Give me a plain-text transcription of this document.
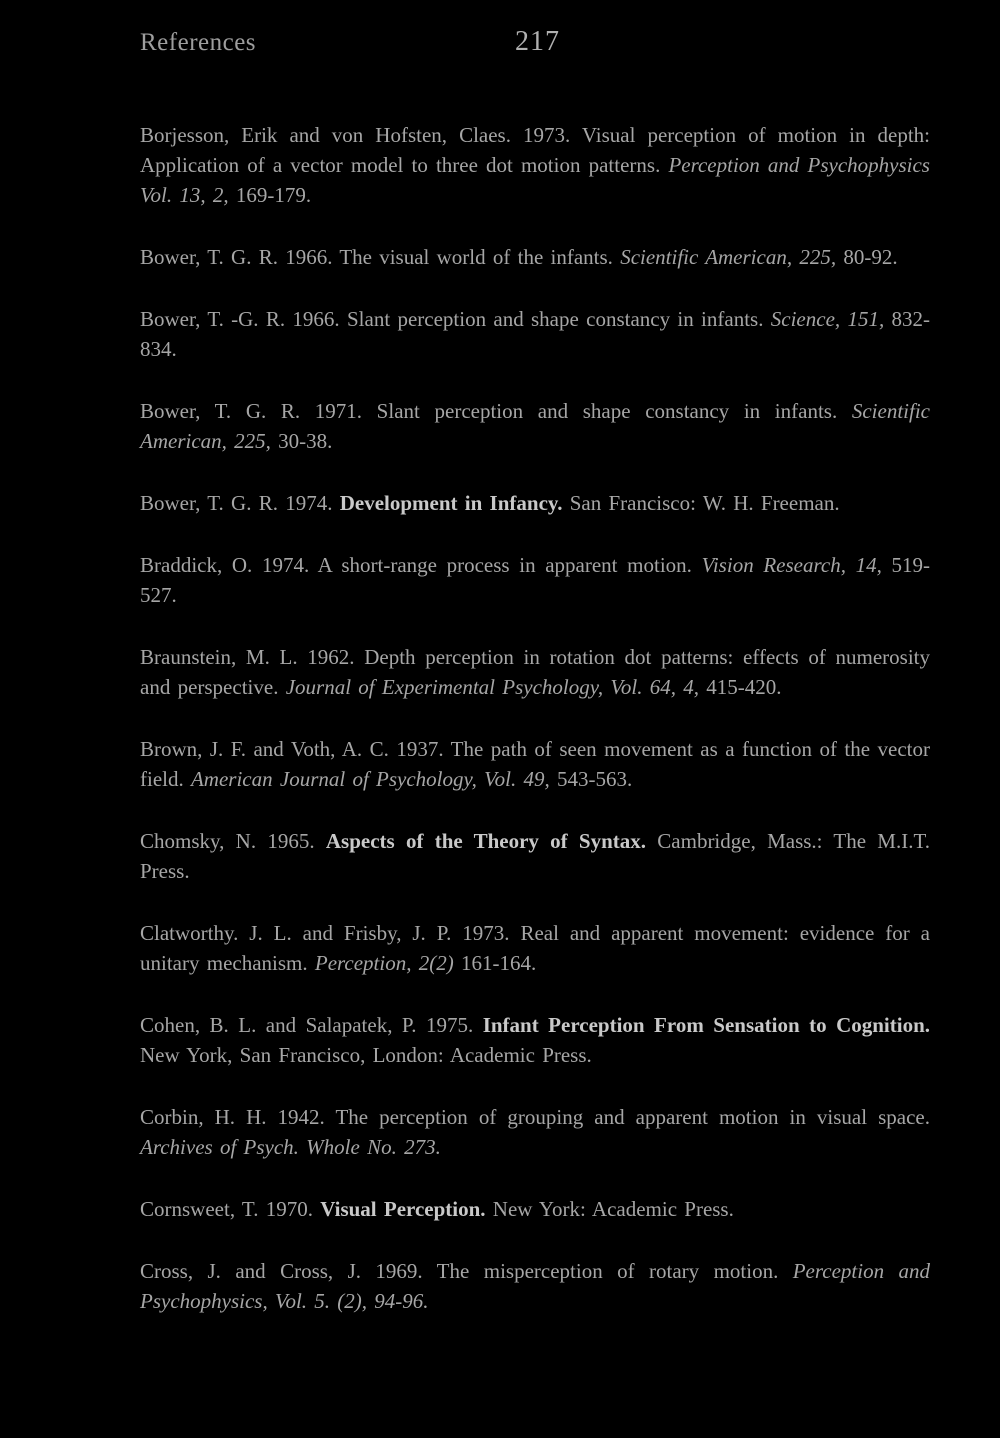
References	217

Borjesson, Erik and von Hofsten, Claes. 1973. Visual perception of motion in depth: Application of a vector model to three dot motion patterns. Perception and Psychophysics Vol. 13, 2, 169-179.

Bower, T. G. R. 1966. The visual world of the infants. Scientific American, 225, 80-92.

Bower, T. -G. R. 1966. Slant perception and shape constancy in infants. Science, 151, 832-834.

Bower, T. G. R. 1971. Slant perception and shape constancy in infants. Scientific American, 225, 30-38.

Bower, T. G. R. 1974. Development in Infancy. San Francisco: W. H. Freeman.

Braddick, O. 1974. A short-range process in apparent motion. Vision Research, 14, 519-527.

Braunstein, M. L. 1962. Depth perception in rotation dot patterns: effects of numerosity and perspective. Journal of Experimental Psychology, Vol. 64, 4, 415-420.

Brown, J. F. and Voth, A. C. 1937. The path of seen movement as a function of the vector field. American Journal of Psychology, Vol. 49, 543-563.

Chomsky, N. 1965. Aspects of the Theory of Syntax. Cambridge, Mass.: The M.I.T. Press.

Clatworthy. J. L. and Frisby, J. P. 1973. Real and apparent movement: evidence for a unitary mechanism. Perception, 2(2) 161-164.

Cohen, B. L. and Salapatek, P. 1975. Infant Perception From Sensation to Cognition. New York, San Francisco, London: Academic Press.

Corbin, H. H. 1942. The perception of grouping and apparent motion in visual space. Archives of Psych. Whole No. 273.

Cornsweet, T. 1970. Visual Perception. New York: Academic Press.

Cross, J. and Cross, J. 1969. The misperception of rotary motion. Perception and Psychophysics, Vol. 5. (2), 94-96.
